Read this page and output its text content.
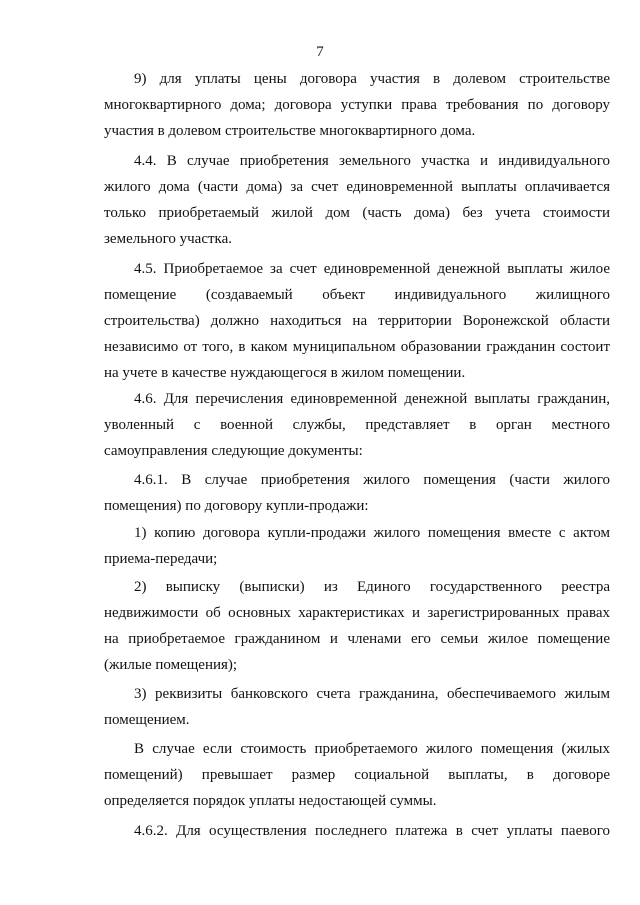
7
9) для уплаты цены договора участия в долевом строительстве
многоквартирного дома; договора уступки права требования по договору
участия в долевом строительстве многоквартирного дома.
4.4. В случае приобретения земельного участка и индивидуального
жилого дома (части дома) за счет единовременной выплаты оплачивается
только приобретаемый жилой дом (часть дома) без учета стоимости
земельного участка.
4.5. Приобретаемое за счет единовременной денежной выплаты жилое
помещение (создаваемый объект индивидуального жилищного
строительства) должно находиться на территории Воронежской области
независимо от того, в каком муниципальном образовании гражданин состоит
на учете в качестве нуждающегося в жилом помещении.
4.6. Для перечисления единовременной денежной выплаты гражданин,
уволенный с военной службы, представляет в орган местного
самоуправления следующие документы:
4.6.1. В случае приобретения жилого помещения (части жилого
помещения) по договору купли-продажи:
1) копию договора купли-продажи жилого помещения вместе с актом
приема-передачи;
2) выписку (выписки) из Единого государственного реестра
недвижимости об основных характеристиках и зарегистрированных правах
на приобретаемое гражданином и членами его семьи жилое помещение
(жилые помещения);
3) реквизиты банковского счета гражданина, обеспечиваемого жилым
помещением.
В случае если стоимость приобретаемого жилого помещения (жилых
помещений) превышает размер социальной выплаты, в договоре
определяется порядок уплаты недостающей суммы.
4.6.2. Для осуществления последнего платежа в счет уплаты паевого
